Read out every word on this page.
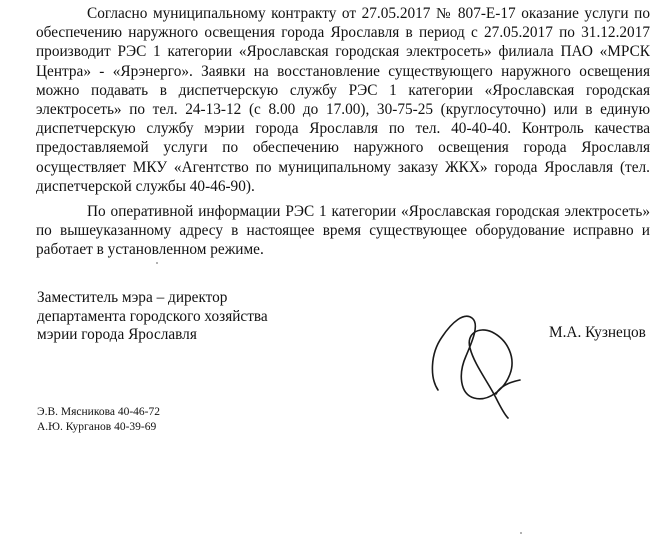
Согласно муниципальному контракту от 27.05.2017 № 807-Е-17 оказание услуги по
обеспечению наружного освещения города Ярославля в период с 27.05.2017 по 31.12.2017
производит РЭС 1 категории «Ярославская городская электросеть» филиала ПАО «МРСК
Центра» - «Ярэнерго». Заявки на восстановление существующего наружного освещения
можно подавать в диспетчерскую службу РЭС 1 категории «Ярославская городская
электросеть» по тел. 24-13-12 (с 8.00 до 17.00), 30-75-25 (круглосуточно) или в единую
диспетчерскую службу мэрии города Ярославля по тел. 40-40-40. Контроль качества
предоставляемой услуги по обеспечению наружного освещения города Ярославля
осуществляет МКУ «Агентство по муниципальному заказу ЖКХ» города Ярославля (тел.
диспетчерской службы 40-46-90).

По оперативной информации РЭС 1 категории «Ярославская городская электросеть»
по вышеуказанному адресу в настоящее время существующее оборудование исправно и
работает в установленном режиме.

Заместитель мэра – директор
департамента городского хозяйства
мэрии города Ярославля	М.А. Кузнецов
Э.В. Мясникова 40-46-72
А.Ю. Курганов 40-39-69
